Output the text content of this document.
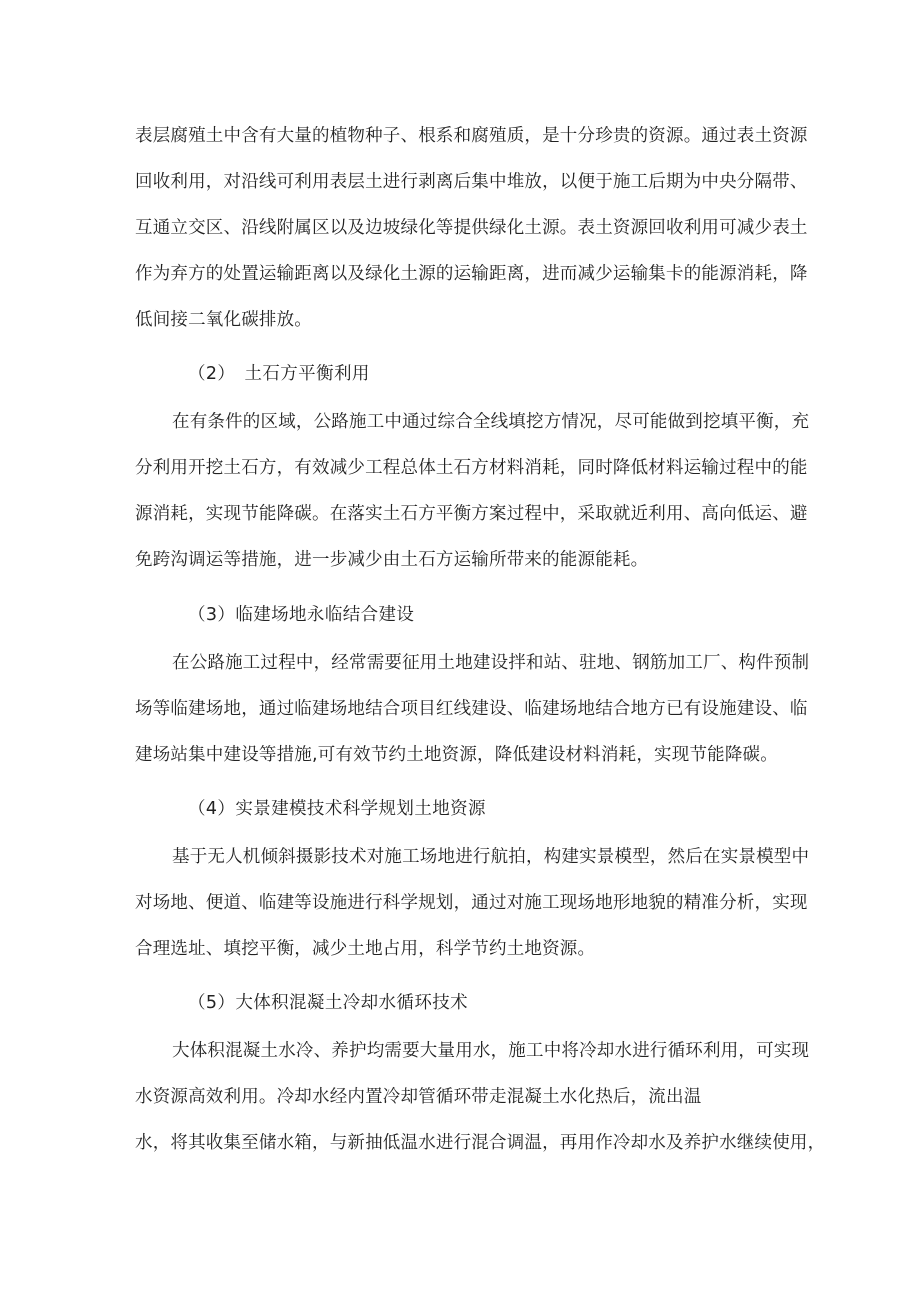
表层腐殖土中含有大量的植物种子、根系和腐殖质，是十分珍贵的资源。通过表土资源
回收利用，对沿线可利用表层土进行剥离后集中堆放，以便于施工后期为中央分隔带、
互通立交区、沿线附属区以及边坡绿化等提供绿化土源。表土资源回收利用可减少表土
作为弃方的处置运输距离以及绿化土源的运输距离，进而减少运输集卡的能源消耗，降
低间接二氧化碳排放。
（2）　土石方平衡利用
在有条件的区域，公路施工中通过综合全线填挖方情况，尽可能做到挖填平衡，充
分利用开挖土石方，有效减少工程总体土石方材料消耗，同时降低材料运输过程中的能
源消耗，实现节能降碳。在落实土石方平衡方案过程中，采取就近利用、高向低运、避
免跨沟调运等措施，进一步减少由土石方运输所带来的能源能耗。
（3）临建场地永临结合建设
在公路施工过程中，经常需要征用土地建设拌和站、驻地、钢筋加工厂、构件预制
场等临建场地，通过临建场地结合项目红线建设、临建场地结合地方已有设施建设、临
建场站集中建设等措施,可有效节约土地资源，降低建设材料消耗，实现节能降碳。
（4）实景建模技术科学规划土地资源
基于无人机倾斜摄影技术对施工场地进行航拍，构建实景模型，然后在实景模型中
对场地、便道、临建等设施进行科学规划，通过对施工现场地形地貌的精准分析，实现
合理选址、填挖平衡，减少土地占用，科学节约土地资源。
（5）大体积混凝土冷却水循环技术
大体积混凝土水冷、养护均需要大量用水，施工中将冷却水进行循环利用，可实现
水资源高效利用。冷却水经内置冷却管循环带走混凝土水化热后，流出温
水，将其收集至储水箱，与新抽低温水进行混合调温，再用作冷却水及养护水继续使用，
